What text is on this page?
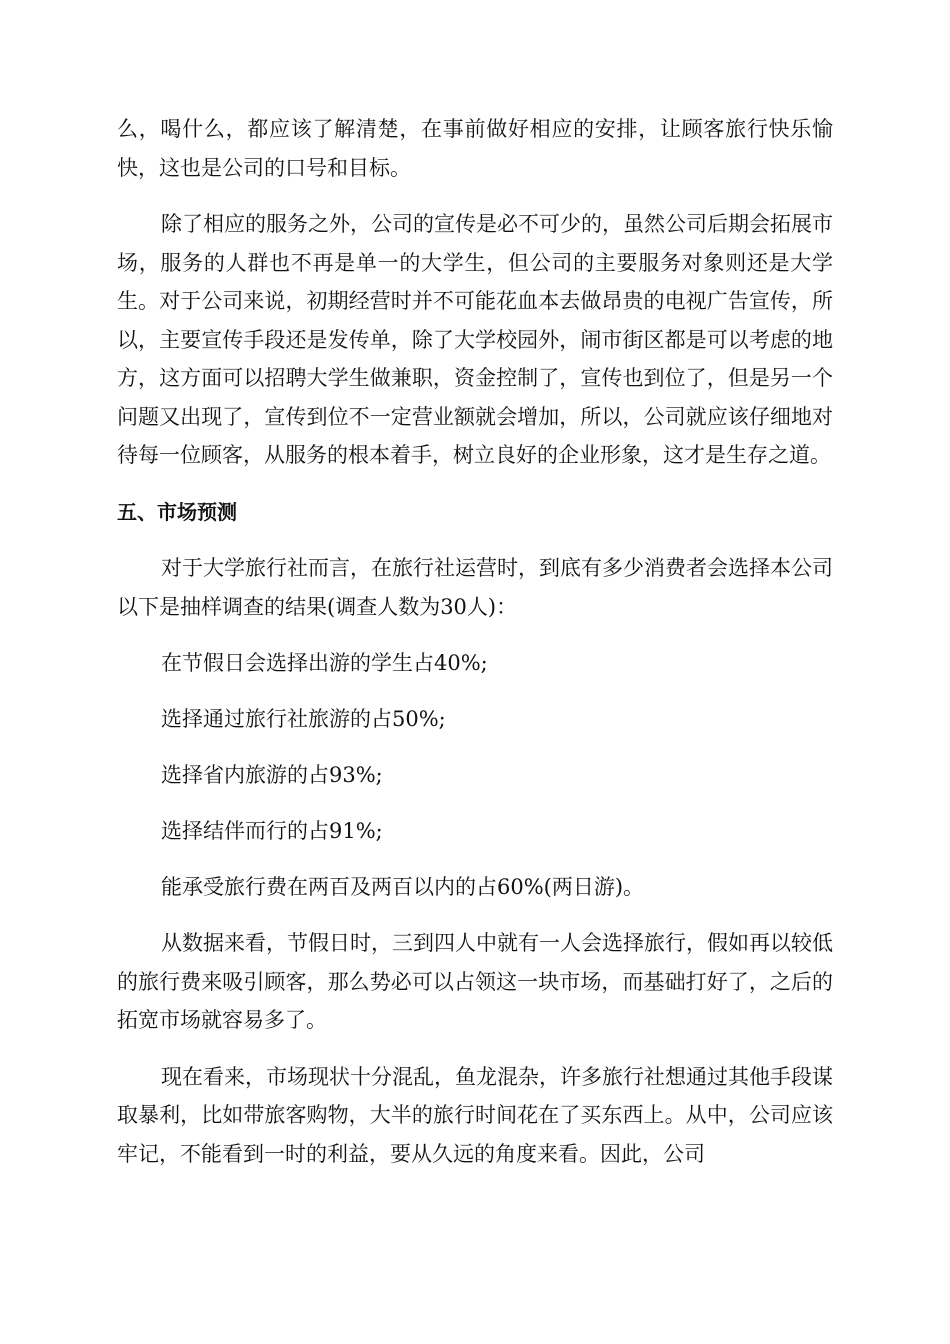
么，喝什么，都应该了解清楚，在事前做好相应的安排，让顾客旅行快乐愉快，这也是公司的口号和目标。

除了相应的服务之外，公司的宣传是必不可少的，虽然公司后期会拓展市场，服务的人群也不再是单一的大学生，但公司的主要服务对象则还是大学生。对于公司来说，初期经营时并不可能花血本去做昂贵的电视广告宣传，所以，主要宣传手段还是发传单，除了大学校园外，闹市街区都是可以考虑的地方，这方面可以招聘大学生做兼职，资金控制了，宣传也到位了，但是另一个问题又出现了，宣传到位不一定营业额就会增加，所以，公司就应该仔细地对待每一位顾客，从服务的根本着手，树立良好的企业形象，这才是生存之道。

五、市场预测

对于大学旅行社而言，在旅行社运营时，到底有多少消费者会选择本公司以下是抽样调查的结果(调查人数为30人)：

在节假日会选择出游的学生占40%;

选择通过旅行社旅游的占50%;

选择省内旅游的占93%;

选择结伴而行的占91%;

能承受旅行费在两百及两百以内的占60%(两日游)。

从数据来看，节假日时，三到四人中就有一人会选择旅行，假如再以较低的旅行费来吸引顾客，那么势必可以占领这一块市场，而基础打好了，之后的拓宽市场就容易多了。

现在看来，市场现状十分混乱，鱼龙混杂，许多旅行社想通过其他手段谋取暴利，比如带旅客购物，大半的旅行时间花在了买东西上。从中，公司应该牢记，不能看到一时的利益，要从久远的角度来看。因此，公司
